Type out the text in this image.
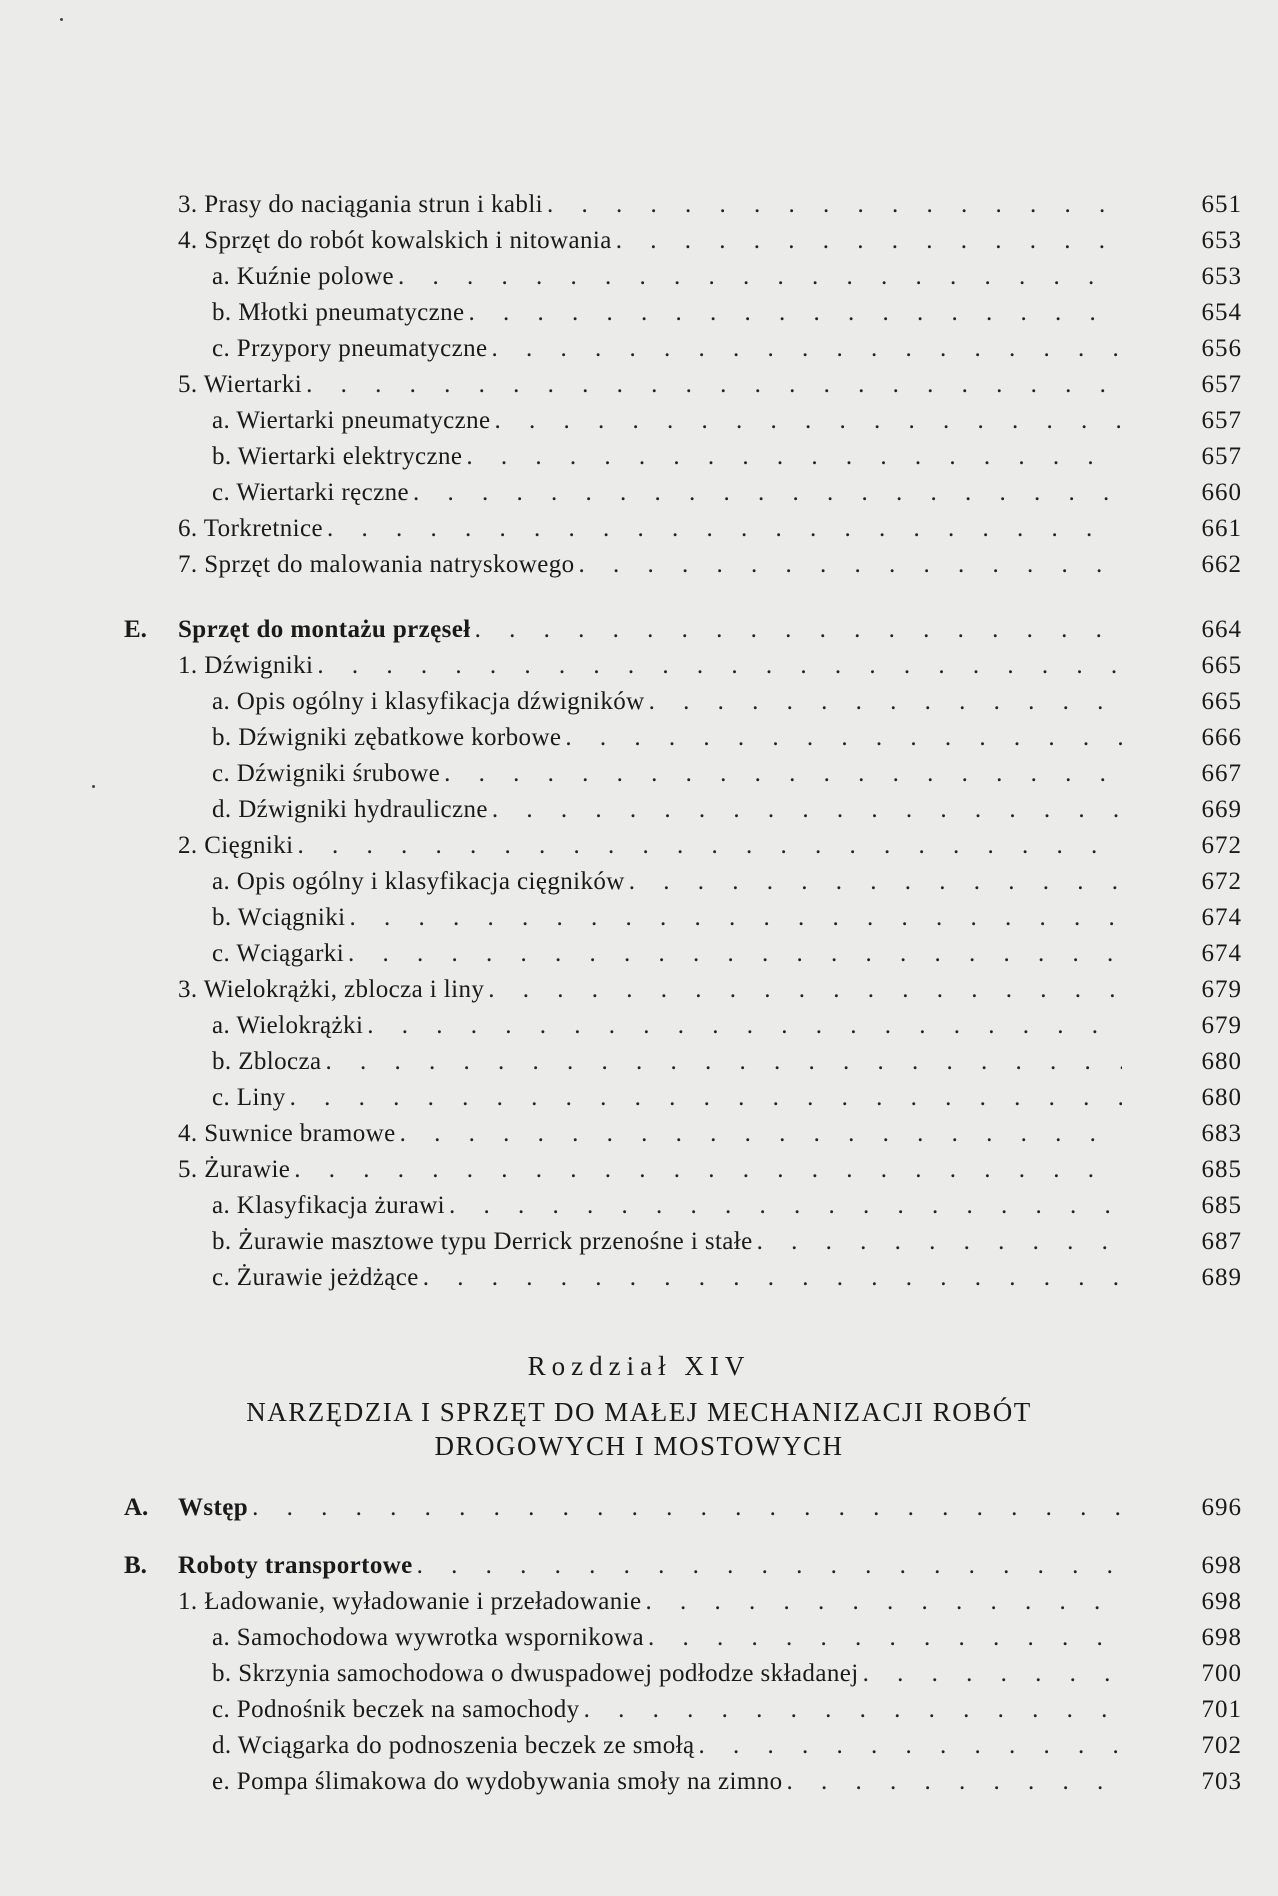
3. Prasy do naciągania strun i kabli . . .	651
4. Sprzęt do robót kowalskich i nitowania . . .	653
a. Kuźnie polowe . . .	653
b. Młotki pneumatyczne . . .	654
c. Przypory pneumatyczne . . .	656
5. Wiertarki . . .	657
a. Wiertarki pneumatyczne . . .	657
b. Wiertarki elektryczne . . .	657
c. Wiertarki ręczne . . .	660
6. Torkretnice . . .	661
7. Sprzęt do malowania natryskowego . . .	662
E. Sprzęt do montażu przęseł . . .	664
1. Dźwigniki . . .	665
a. Opis ogólny i klasyfikacja dźwigników . . .	665
b. Dźwigniki zębatkowe korbowe . . .	666
c. Dźwigniki śrubowe . . .	667
d. Dźwigniki hydrauliczne . . .	669
2. Cięgniki . . .	672
a. Opis ogólny i klasyfikacja cięgników . . .	672
b. Wciągniki . . .	674
c. Wciągarki . . .	674
3. Wielokrążki, zblocza i liny . . .	679
a. Wielokrążki . . .	679
b. Zblocza . . .	680
c. Liny . . .	680
4. Suwnice bramowe . . .	683
5. Żurawie . . .	685
a. Klasyfikacja żurawi . . .	685
b. Żurawie masztowe typu Derrick przenośne i stałe . . .	687
c. Żurawie jeżdżące . . .	689
A. Wstęp . . .	696
B. Roboty transportowe . . .	698
1. Ładowanie, wyładowanie i przeładowanie . . .	698
a. Samochodowa wywrotka wspornikowa . . .	698
b. Skrzynia samochodowa o dwuspadowej podłodze składanej . . .	700
c. Podnośnik beczek na samochody . . .	701
d. Wciągarka do podnoszenia beczek ze smołą . . .	702
e. Pompa ślimakowa do wydobywania smoły na zimno . . .	703
Rozdział XIV
NARZĘDZIA I SPRZĘT DO MAŁEJ MECHANIZACJI ROBÓT
DROGOWYCH I MOSTOWYCH
